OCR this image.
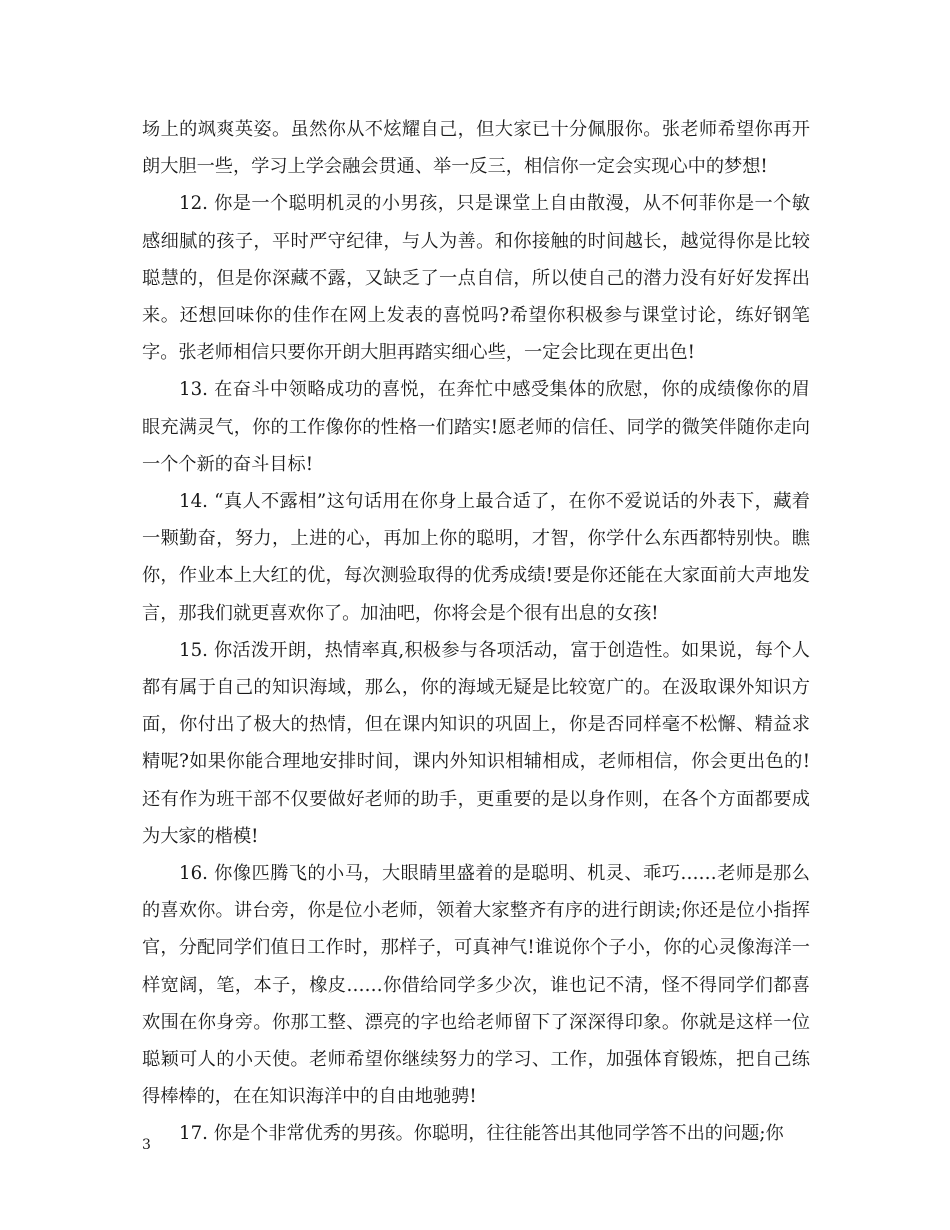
场上的飒爽英姿。虽然你从不炫耀自己，但大家已十分佩服你。张老师希望你再开朗大胆一些，学习上学会融会贯通、举一反三，相信你一定会实现心中的梦想!

12. 你是一个聪明机灵的小男孩，只是课堂上自由散漫，从不何菲你是一个敏感细腻的孩子，平时严守纪律，与人为善。和你接触的时间越长，越觉得你是比较聪慧的，但是你深藏不露，又缺乏了一点自信，所以使自己的潜力没有好好发挥出来。还想回味你的佳作在网上发表的喜悦吗?希望你积极参与课堂讨论，练好钢笔字。张老师相信只要你开朗大胆再踏实细心些，一定会比现在更出色!

13. 在奋斗中领略成功的喜悦，在奔忙中感受集体的欣慰，你的成绩像你的眉眼充满灵气，你的工作像你的性格一们踏实!愿老师的信任、同学的微笑伴随你走向一个个新的奋斗目标!

14. “真人不露相”这句话用在你身上最合适了，在你不爱说话的外表下，藏着一颗勤奋，努力，上进的心，再加上你的聪明，才智，你学什么东西都特别快。瞧你，作业本上大红的优，每次测验取得的优秀成绩!要是你还能在大家面前大声地发言，那我们就更喜欢你了。加油吧，你将会是个很有出息的女孩!

15. 你活泼开朗，热情率真,积极参与各项活动，富于创造性。如果说，每个人都有属于自己的知识海域，那么，你的海域无疑是比较宽广的。在汲取课外知识方面，你付出了极大的热情，但在课内知识的巩固上，你是否同样毫不松懈、精益求精呢?如果你能合理地安排时间，课内外知识相辅相成，老师相信，你会更出色的!还有作为班干部不仅要做好老师的助手，更重要的是以身作则，在各个方面都要成为大家的楷模!

16. 你像匹腾飞的小马，大眼睛里盛着的是聪明、机灵、乖巧……老师是那么的喜欢你。讲台旁，你是位小老师，领着大家整齐有序的进行朗读;你还是位小指挥官，分配同学们值日工作时，那样子，可真神气!谁说你个子小，你的心灵像海洋一样宽阔，笔，本子，橡皮……你借给同学多少次，谁也记不清，怪不得同学们都喜欢围在你身旁。你那工整、漂亮的字也给老师留下了深深得印象。你就是这样一位聪颖可人的小天使。老师希望你继续努力的学习、工作，加强体育锻炼，把自己练得棒棒的，在在知识海洋中的自由地驰骋!

17. 你是个非常优秀的男孩。你聪明，往往能答出其他同学答不出的问题;你

3
